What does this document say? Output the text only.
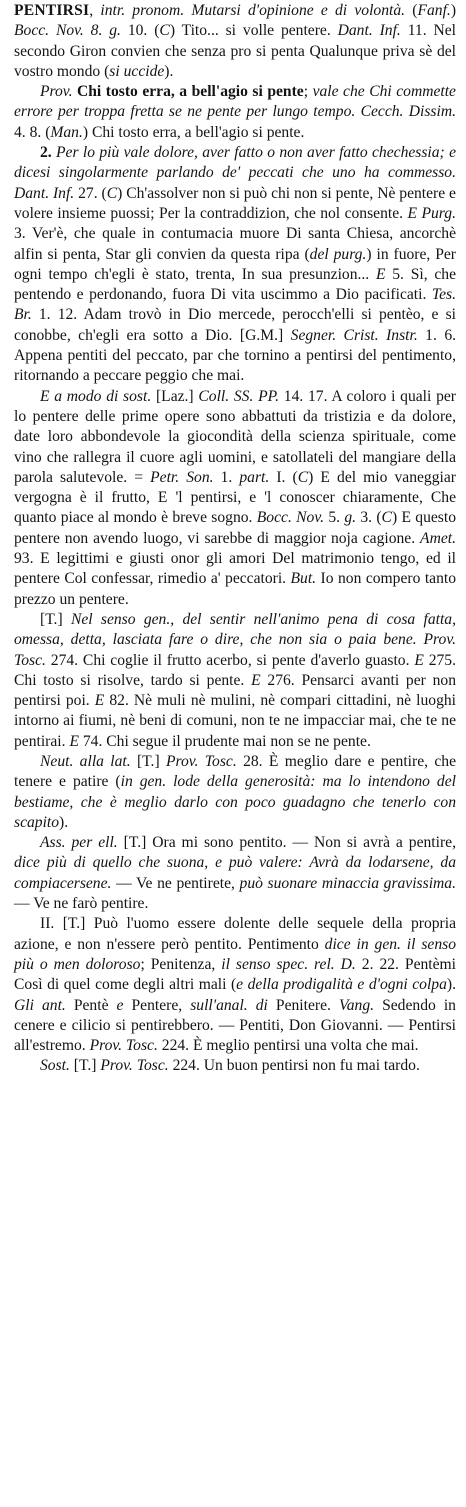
PENTIRSI, intr. pronom. Mutarsi d'opinione e di volontà. (Fanf.) Bocc. Nov. 8. g. 10. (C) Tito... si volle pentere. Dant. Inf. 11. Nel secondo Giron convien che senza pro si penta Qualunque priva sè del vostro mondo (si uccide).

Prov. Chi tosto erra, a bell'agio si pente; vale che Chi commette errore per troppa fretta se ne pente per lungo tempo. Cecch. Dissim. 4. 8. (Man.) Chi tosto erra, a bell'agio si pente.

2. Per lo più vale dolore, aver fatto o non aver fatto chechessia; e dicesi singolarmente parlando de' peccati che uno ha commesso. Dant. Inf. 27. (C) Ch'assolver non si può chi non si pente, Nè pentere e volere insieme puossi; Per la contraddizion, che nol consente. E Purg. 3. Ver'è, che quale in contumacia muore Di santa Chiesa, ancorchè alfin si penta, Star gli convien da questa ripa (del purg.) in fuore, Per ogni tempo ch'egli è stato, trenta, In sua presunzion... E 5. Sì, che pentendo e perdonando, fuora Di vita uscimmo a Dio pacificati. Tes. Br. 1. 12. Adam trovò in Dio mercede, perocch'elli si pentèo, e si conobbe, ch'egli era sotto a Dio. [G.M.] Segner. Crist. Instr. 1. 6. Appena pentiti del peccato, par che tornino a pentirsi del pentimento, ritornando a peccare peggio che mai.

E a modo di sost. [Laz.] Coll. SS. PP. 14. 17. A coloro i quali per lo pentere delle prime opere sono abbattuti da tristizia e da dolore, date loro abbondevole la giocondità della scienza spirituale, come vino che rallegra il cuore agli uomini, e satollateli del mangiare della parola salutevole. = Petr. Son. 1. part. I. (C) E del mio vaneggiar vergogna è il frutto, E 'l pentirsi, e 'l conoscer chiaramente, Che quanto piace al mondo è breve sogno. Bocc. Nov. 5. g. 3. (C) E questo pentere non avendo luogo, vi sarebbe di maggior noja cagione. Amet. 93. E legittimi e giusti onor gli amori Del matrimonio tengo, ed il pentere Col confessar, rimedio a' peccatori. But. Io non compero tanto prezzo un pentere.

[T.] Nel senso gen., del sentir nell'animo pena di cosa fatta, omessa, detta, lasciata fare o dire, che non sia o paia bene. Prov. Tosc. 274. Chi coglie il frutto acerbo, si pente d'averlo guasto. E 275. Chi tosto si risolve, tardo si pente. E 276. Pensarci avanti per non pentirsi poi. E 82. Nè muli nè mulini, nè compari cittadini, nè luoghi intorno ai fiumi, nè beni di comuni, non te ne impacciar mai, che te ne pentirai. E 74. Chi segue il prudente mai non se ne pente.

Neut. alla lat. [T.] Prov. Tosc. 28. È meglio dare e pentire, che tenere e patire (in gen. lode della generosità: ma lo intendono del bestiame, che è meglio darlo con poco guadagno che tenerlo con scapito).

Ass. per ell. [T.] Ora mi sono pentito. — Non si avrà a pentire, dice più di quello che suona, e può valere: Avrà da lodarsene, da compiacersene. — Ve ne pentirete, può suonare minaccia gravissima. — Ve ne farò pentire.

II. [T.] Può l'uomo essere dolente delle sequele della propria azione, e non n'essere però pentito. Pentimento dice in gen. il senso più o men doloroso; Penitenza, il senso spec. rel. D. 2. 22. Pentèmi Così di quel come degli altri mali (e della prodigalità e d'ogni colpa). Gli ant. Pentè e Pentere, sull'anal. di Penitere. Vang. Sedendo in cenere e cilicio si pentirebbero. — Pentiti, Don Giovanni. — Pentirsi all'estremo. Prov. Tosc. 224. È meglio pentirsi una volta che mai.

Sost. [T.] Prov. Tosc. 224. Un buon pentirsi non fu mai tardo.
